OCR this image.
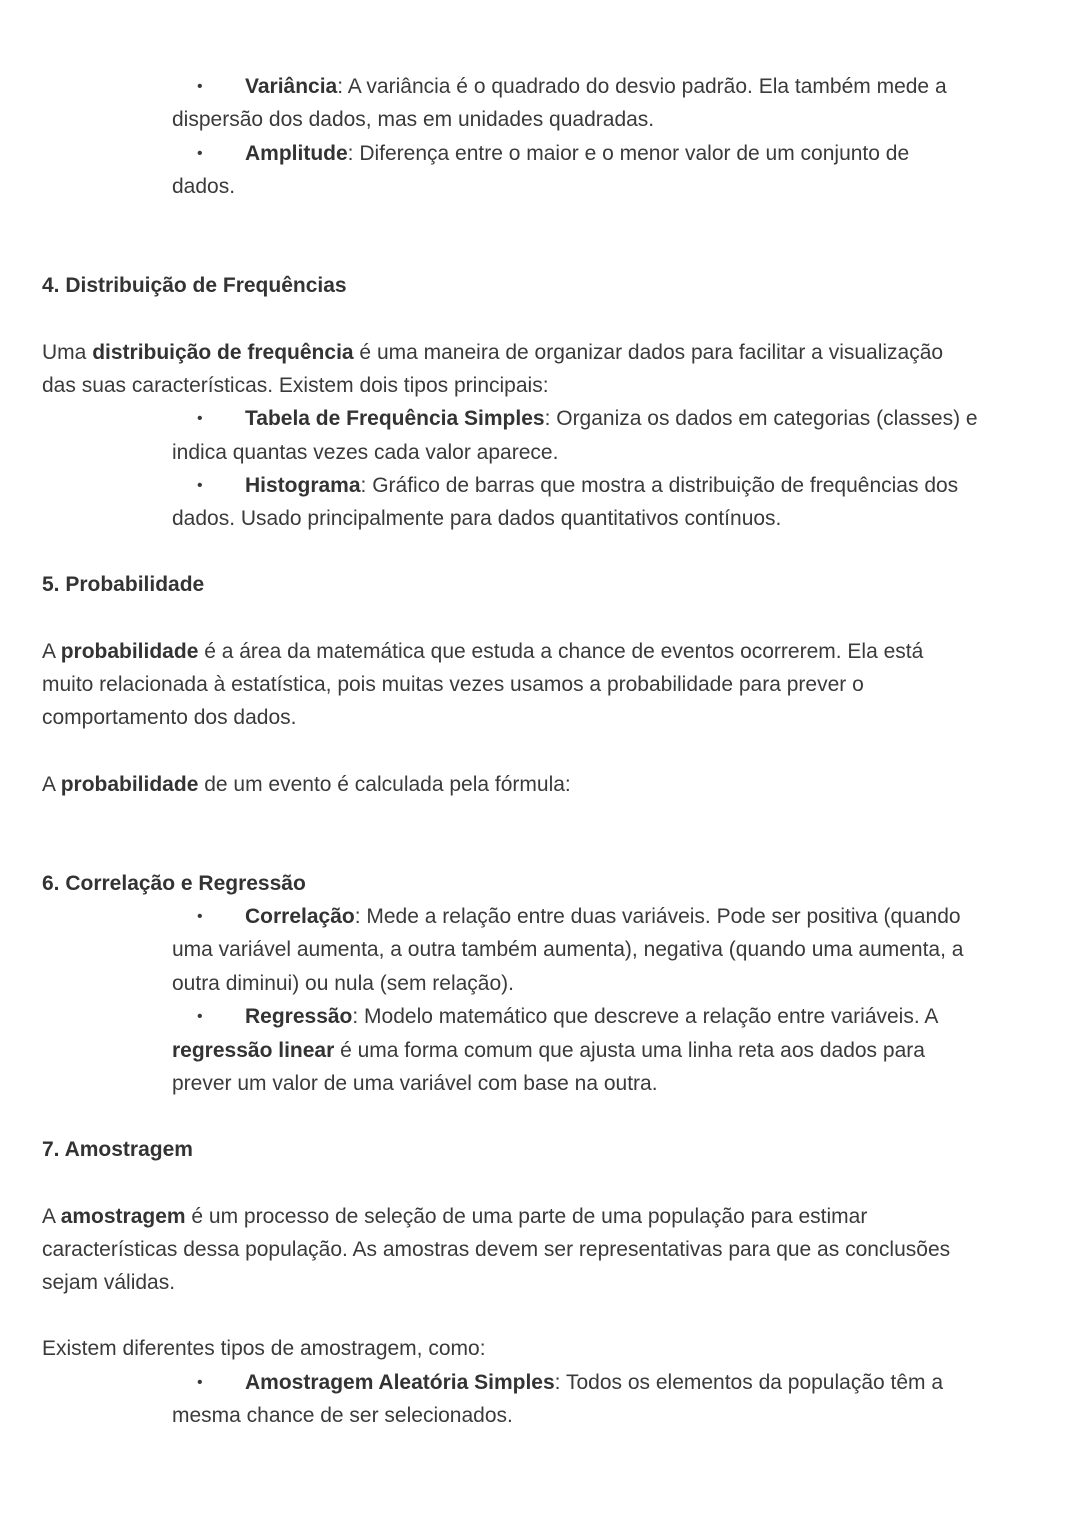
• Variância: A variância é o quadrado do desvio padrão. Ela também mede a
dispersão dos dados, mas em unidades quadradas.
• Amplitude: Diferença entre o maior e o menor valor de um conjunto de
dados.
4. Distribuição de Frequências
Uma distribuição de frequência é uma maneira de organizar dados para facilitar a visualização
das suas características. Existem dois tipos principais:
• Tabela de Frequência Simples: Organiza os dados em categorias (classes) e
indica quantas vezes cada valor aparece.
• Histograma: Gráfico de barras que mostra a distribuição de frequências dos
dados. Usado principalmente para dados quantitativos contínuos.
5. Probabilidade
A probabilidade é a área da matemática que estuda a chance de eventos ocorrerem. Ela está
muito relacionada à estatística, pois muitas vezes usamos a probabilidade para prever o
comportamento dos dados.
A probabilidade de um evento é calculada pela fórmula:
6. Correlação e Regressão
• Correlação: Mede a relação entre duas variáveis. Pode ser positiva (quando
uma variável aumenta, a outra também aumenta), negativa (quando uma aumenta, a
outra diminui) ou nula (sem relação).
• Regressão: Modelo matemático que descreve a relação entre variáveis. A
regressão linear é uma forma comum que ajusta uma linha reta aos dados para
prever um valor de uma variável com base na outra.
7. Amostragem
A amostragem é um processo de seleção de uma parte de uma população para estimar
características dessa população. As amostras devem ser representativas para que as conclusões
sejam válidas.
Existem diferentes tipos de amostragem, como:
• Amostragem Aleatória Simples: Todos os elementos da população têm a
mesma chance de ser selecionados.
